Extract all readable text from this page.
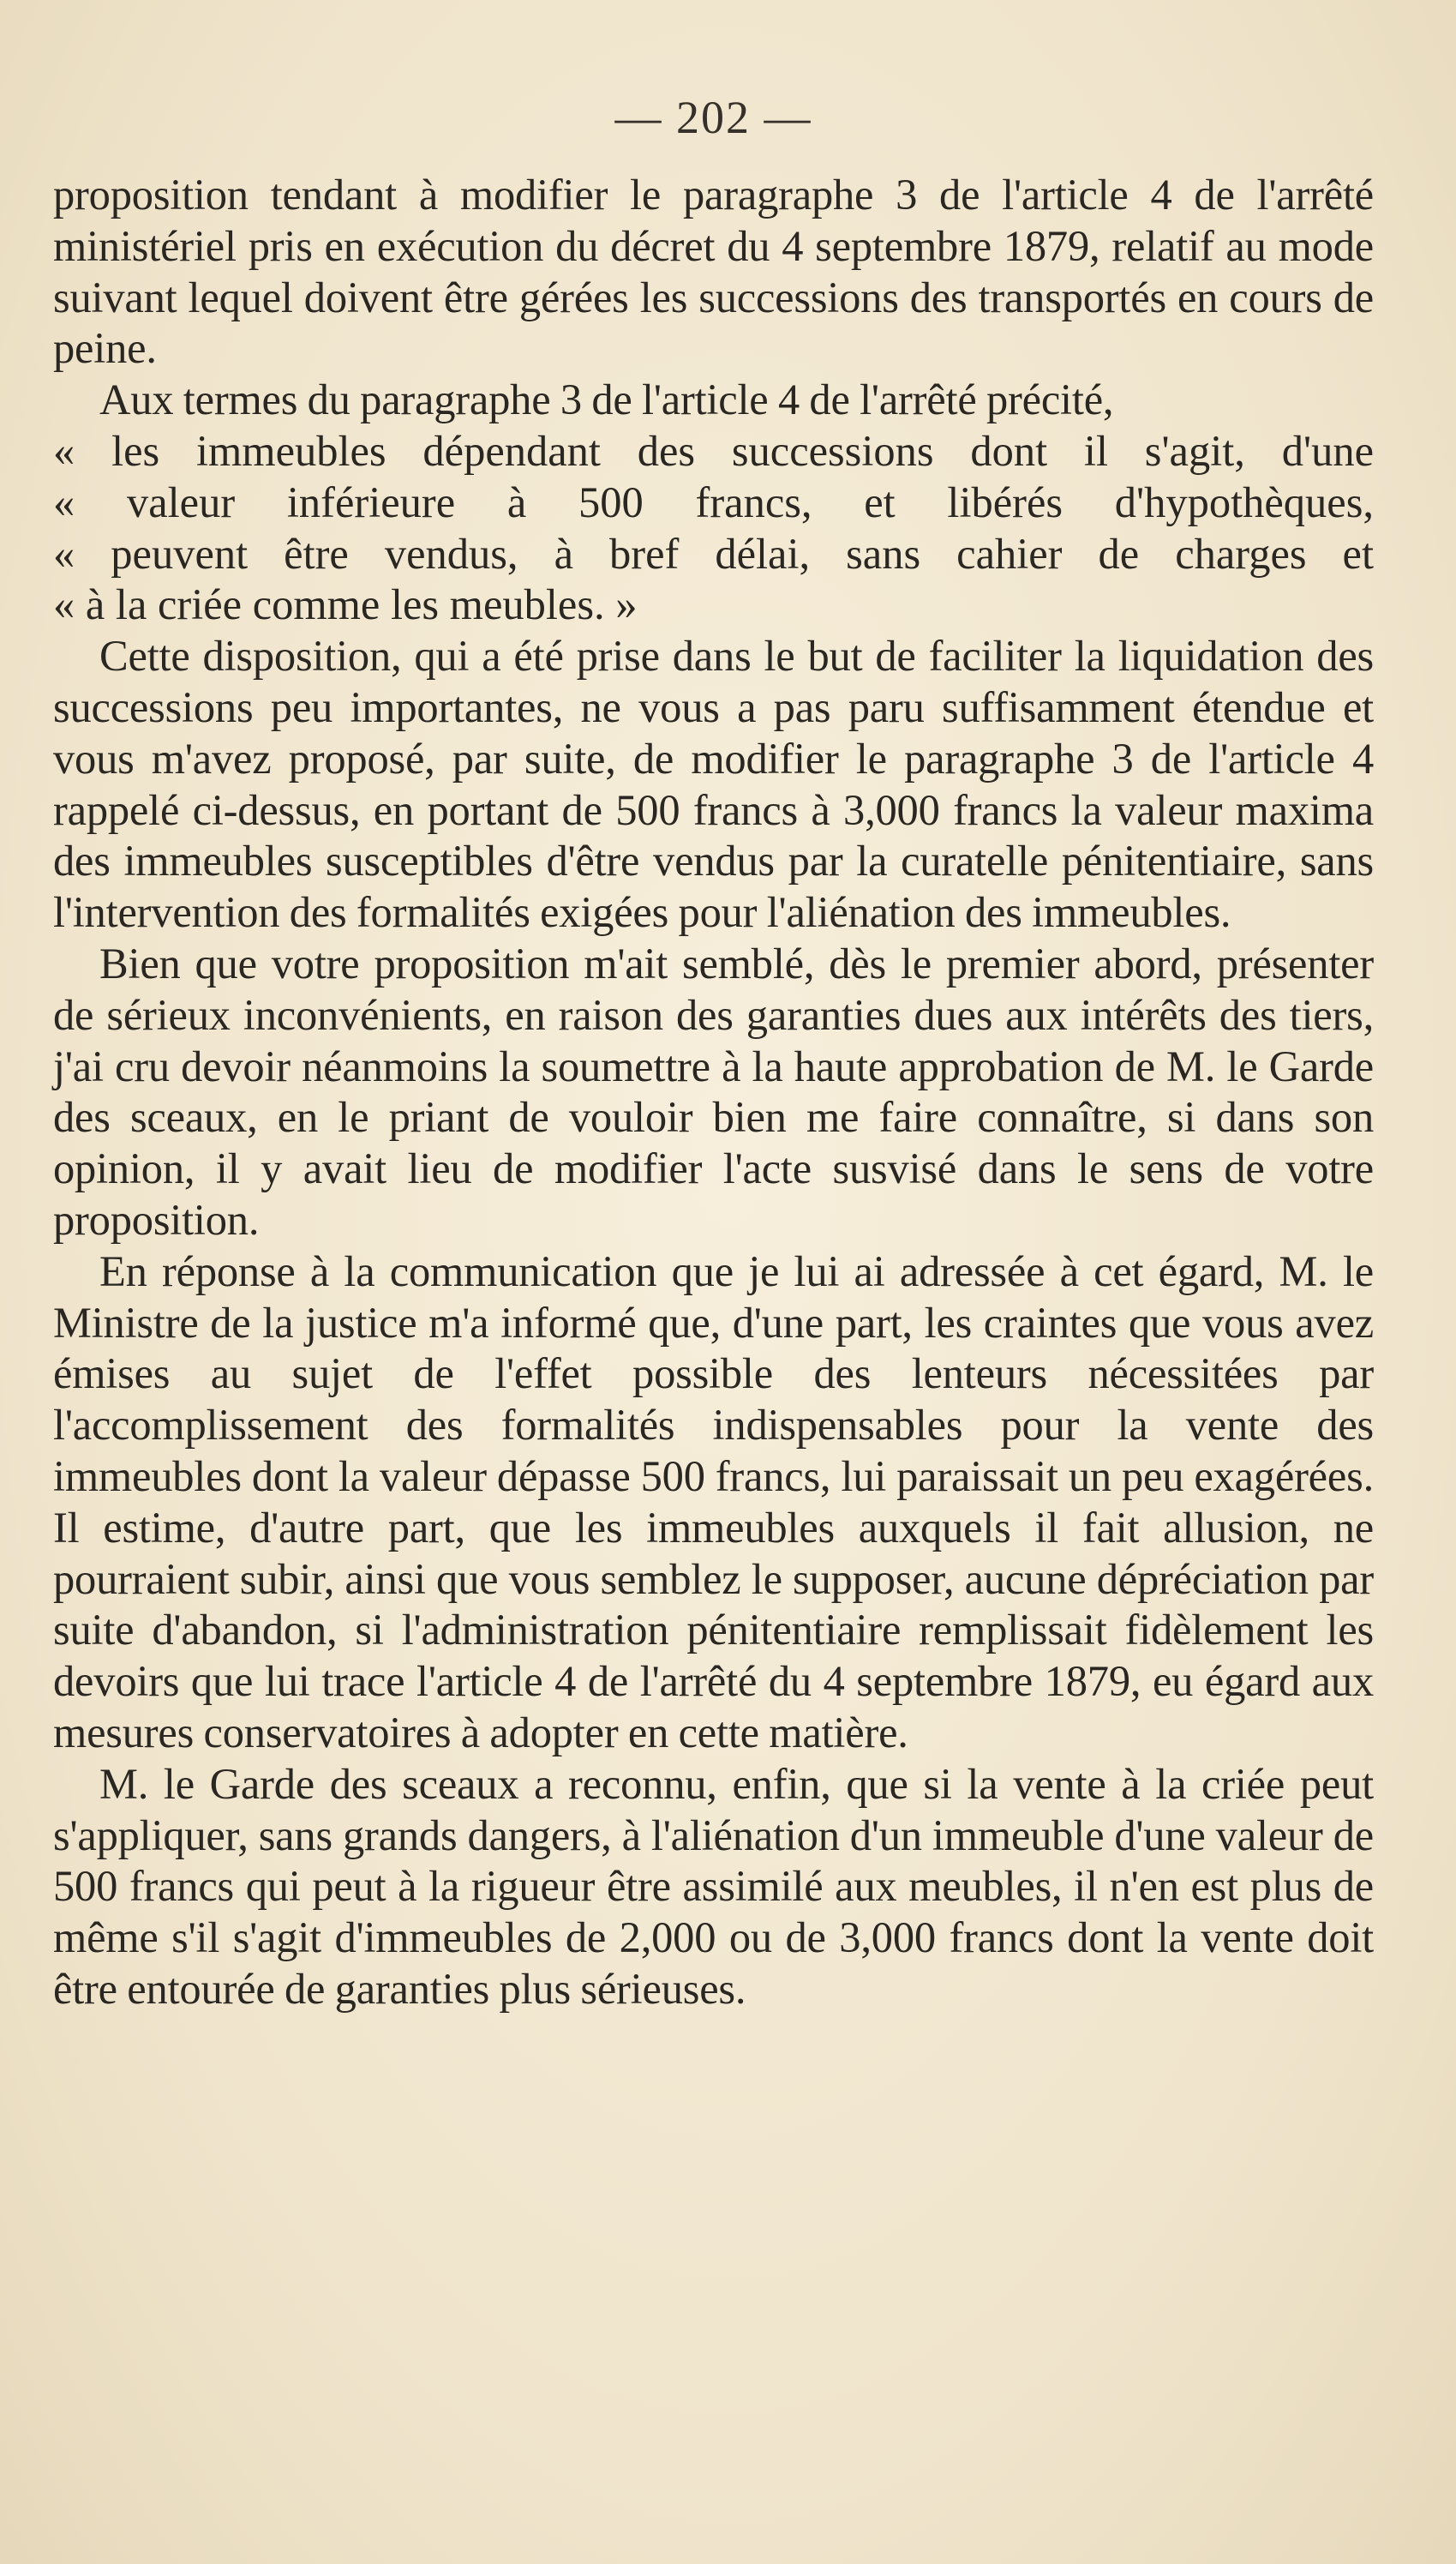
— 202 —

proposition tendant à modifier le paragraphe 3 de l'article 4 de l'arrêté ministériel pris en exécution du décret du 4 septembre 1879, relatif au mode suivant lequel doivent être gérées les successions des transportés en cours de peine.

Aux termes du paragraphe 3 de l'article 4 de l'arrêté précité,

« les immeubles dépendant des successions dont il s'agit, d'une
« valeur inférieure à 500 francs, et libérés d'hypothèques,
« peuvent être vendus, à bref délai, sans cahier de charges et
« à la criée comme les meubles. »

Cette disposition, qui a été prise dans le but de faciliter la liquidation des successions peu importantes, ne vous a pas paru suffisamment étendue et vous m'avez proposé, par suite, de modifier le paragraphe 3 de l'article 4 rappelé ci-dessus, en portant de 500 francs à 3,000 francs la valeur maxima des immeubles susceptibles d'être vendus par la curatelle pénitentiaire, sans l'intervention des formalités exigées pour l'aliénation des immeubles.

Bien que votre proposition m'ait semblé, dès le premier abord, présenter de sérieux inconvénients, en raison des garanties dues aux intérêts des tiers, j'ai cru devoir néanmoins la soumettre à la haute approbation de M. le Garde des sceaux, en le priant de vouloir bien me faire connaître, si dans son opinion, il y avait lieu de modifier l'acte susvisé dans le sens de votre proposition.

En réponse à la communication que je lui ai adressée à cet égard, M. le Ministre de la justice m'a informé que, d'une part, les craintes que vous avez émises au sujet de l'effet possible des lenteurs nécessitées par l'accomplissement des formalités indispensables pour la vente des immeubles dont la valeur dépasse 500 francs, lui paraissait un peu exagérées. Il estime, d'autre part, que les immeubles auxquels il fait allusion, ne pourraient subir, ainsi que vous semblez le supposer, aucune dépréciation par suite d'abandon, si l'administration pénitentiaire remplissait fidèlement les devoirs que lui trace l'article 4 de l'arrêté du 4 septembre 1879, eu égard aux mesures conservatoires à adopter en cette matière.

M. le Garde des sceaux a reconnu, enfin, que si la vente à la criée peut s'appliquer, sans grands dangers, à l'aliénation d'un immeuble d'une valeur de 500 francs qui peut à la rigueur être assimilé aux meubles, il n'en est plus de même s'il s'agit d'immeubles de 2,000 ou de 3,000 francs dont la vente doit être entourée de garanties plus sérieuses.
